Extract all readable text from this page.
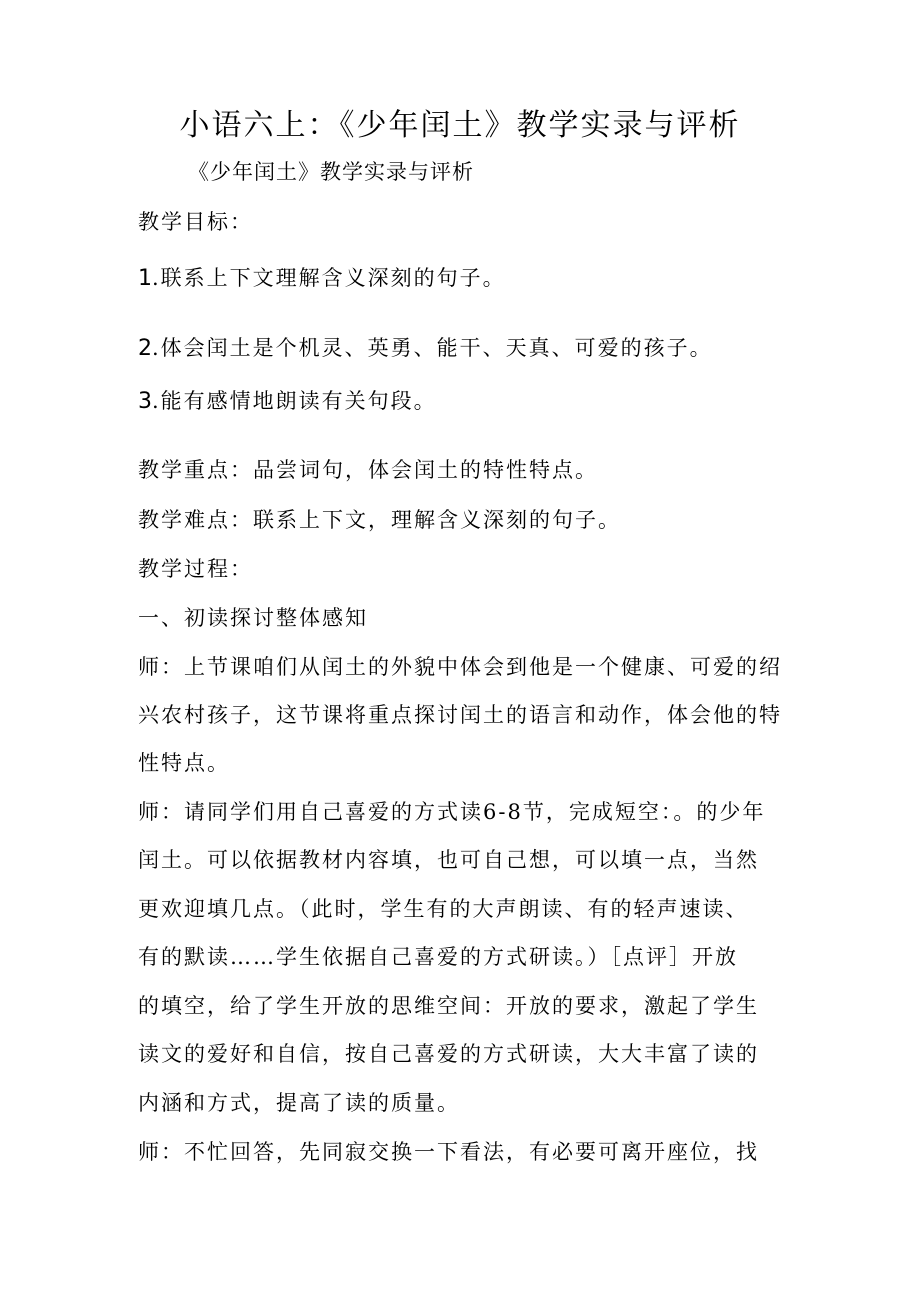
小语六上：《少年闰土》教学实录与评析
《少年闰土》教学实录与评析
教学目标：
1.联系上下文理解含义深刻的句子。
2.体会闰土是个机灵、英勇、能干、天真、可爱的孩子。
3.能有感情地朗读有关句段。
教学重点：品尝词句，体会闰土的特性特点。
教学难点：联系上下文，理解含义深刻的句子。
教学过程：
一、初读探讨整体感知
师：上节课咱们从闰土的外貌中体会到他是一个健康、可爱的绍
兴农村孩子，这节课将重点探讨闰土的语言和动作，体会他的特
性特点。
师：请同学们用自己喜爱的方式读6-8节，完成短空：。的少年
闰土。可以依据教材内容填，也可自己想，可以填一点，当然
更欢迎填几点。（此时，学生有的大声朗读、有的轻声速读、
有的默读……学生依据自己喜爱的方式研读。）［点评］开放
的填空，给了学生开放的思维空间：开放的要求，激起了学生
读文的爱好和自信，按自己喜爱的方式研读，大大丰富了读的
内涵和方式，提高了读的质量。
师：不忙回答，先同寂交换一下看法，有必要可离开座位，找
